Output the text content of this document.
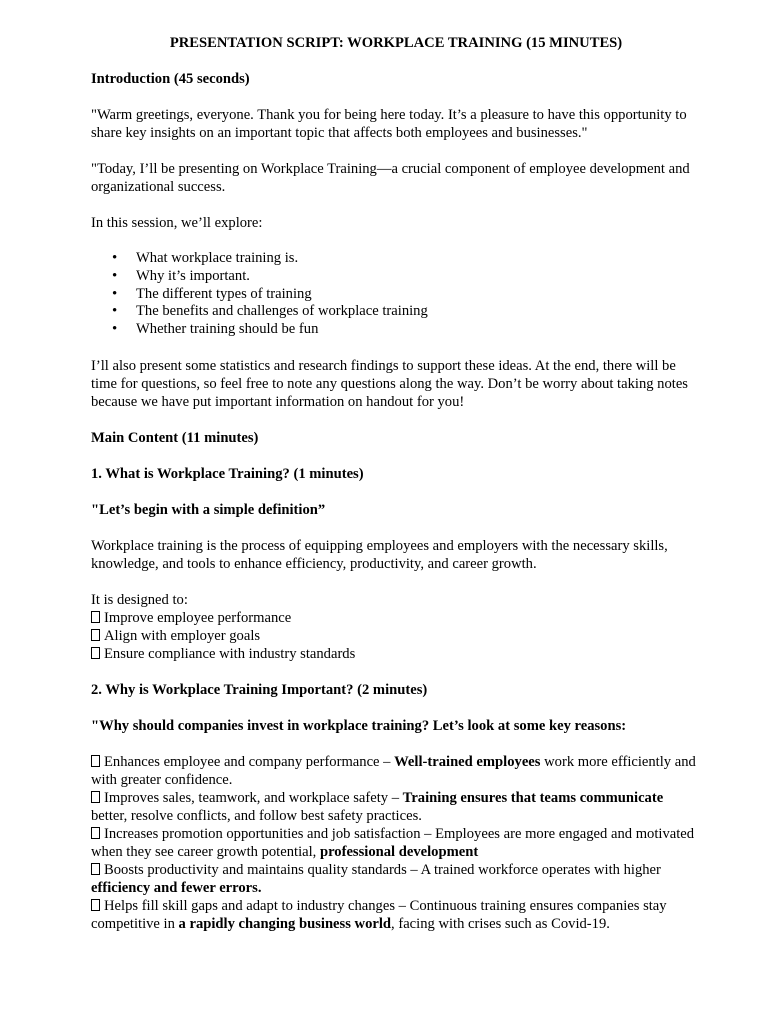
PRESENTATION SCRIPT: WORKPLACE TRAINING (15 MINUTES)
Introduction (45 seconds)

"Warm greetings, everyone. Thank you for being here today. It’s a pleasure to have this opportunity to share key insights on an important topic that affects both employees and businesses."

"Today, I’ll be presenting on Workplace Training—a crucial component of employee development and organizational success.

In this session, we’ll explore:

• What workplace training is.
• Why it’s important.
• The different types of training
• The benefits and challenges of workplace training
• Whether training should be fun

I’ll also present some statistics and research findings to support these ideas. At the end, there will be time for questions, so feel free to note any questions along the way. Don’t be worry about taking notes because we have put important information on handout for you!

Main Content (11 minutes)
1. What is Workplace Training? (1 minutes)
"Let’s begin with a simple definition”

Workplace training is the process of equipping employees and employers with the necessary skills, knowledge, and tools to enhance efficiency, productivity, and career growth.

It is designed to:
Improve employee performance
Align with employer goals
Ensure compliance with industry standards
2. Why is Workplace Training Important? (2 minutes)
"Why should companies invest in workplace training? Let’s look at some key reasons:
Enhances employee and company performance – Well-trained employees work more efficiently and with greater confidence.
Improves sales, teamwork, and workplace safety – Training ensures that teams communicate better, resolve conflicts, and follow best safety practices.
Increases promotion opportunities and job satisfaction – Employees are more engaged and motivated when they see career growth potential, professional development
Boosts productivity and maintains quality standards – A trained workforce operates with higher efficiency and fewer errors.
Helps fill skill gaps and adapt to industry changes – Continuous training ensures companies stay competitive in a rapidly changing business world, facing with crises such as Covid-19.
